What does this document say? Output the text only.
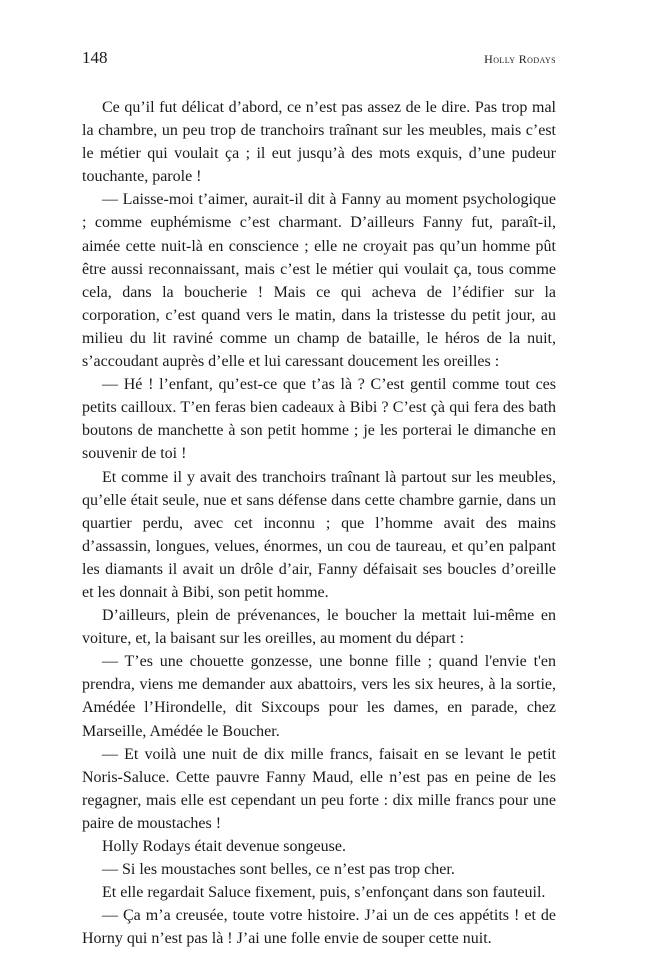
148	Holly Rodays

Ce qu’il fut délicat d’abord, ce n’est pas assez de le dire. Pas trop mal la chambre, un peu trop de tranchoirs traînant sur les meubles, mais c’est le métier qui voulait ça ; il eut jusqu’à des mots exquis, d’une pudeur touchante, parole !

— Laisse-moi t’aimer, aurait-il dit à Fanny au moment psychologique ; comme euphémisme c’est charmant. D’ailleurs Fanny fut, paraît-il, aimée cette nuit-là en conscience ; elle ne croyait pas qu’un homme pût être aussi reconnaissant, mais c’est le métier qui voulait ça, tous comme cela, dans la boucherie ! Mais ce qui acheva de l’édifier sur la corporation, c’est quand vers le matin, dans la tristesse du petit jour, au milieu du lit raviné comme un champ de bataille, le héros de la nuit, s’accoudant auprès d’elle et lui caressant doucement les oreilles :

— Hé ! l’enfant, qu’est-ce que t’as là ? C’est gentil comme tout ces petits cailloux. T’en feras bien cadeaux à Bibi ? C’est çà qui fera des bath boutons de manchette à son petit homme ; je les porterai le dimanche en souvenir de toi !

Et comme il y avait des tranchoirs traînant là partout sur les meubles, qu’elle était seule, nue et sans défense dans cette chambre garnie, dans un quartier perdu, avec cet inconnu ; que l’homme avait des mains d’assassin, longues, velues, énormes, un cou de taureau, et qu’en palpant les diamants il avait un drôle d’air, Fanny défaisait ses boucles d’oreille et les donnait à Bibi, son petit homme.

D’ailleurs, plein de prévenances, le boucher la mettait lui-même en voiture, et, la baisant sur les oreilles, au moment du départ :

— T’es une chouette gonzesse, une bonne fille ; quand l'envie t'en prendra, viens me demander aux abattoirs, vers les six heures, à la sortie, Amédée l’Hirondelle, dit Sixcoups pour les dames, en parade, chez Marseille, Amédée le Boucher.

— Et voilà une nuit de dix mille francs, faisait en se levant le petit Noris-Saluce. Cette pauvre Fanny Maud, elle n’est pas en peine de les regagner, mais elle est cependant un peu forte : dix mille francs pour une paire de moustaches !

Holly Rodays était devenue songeuse.

— Si les moustaches sont belles, ce n’est pas trop cher.

Et elle regardait Saluce fixement, puis, s’enfonçant dans son fauteuil.

— Ça m’a creusée, toute votre histoire. J’ai un de ces appétits ! et de Horny qui n’est pas là ! J’ai une folle envie de souper cette nuit.
